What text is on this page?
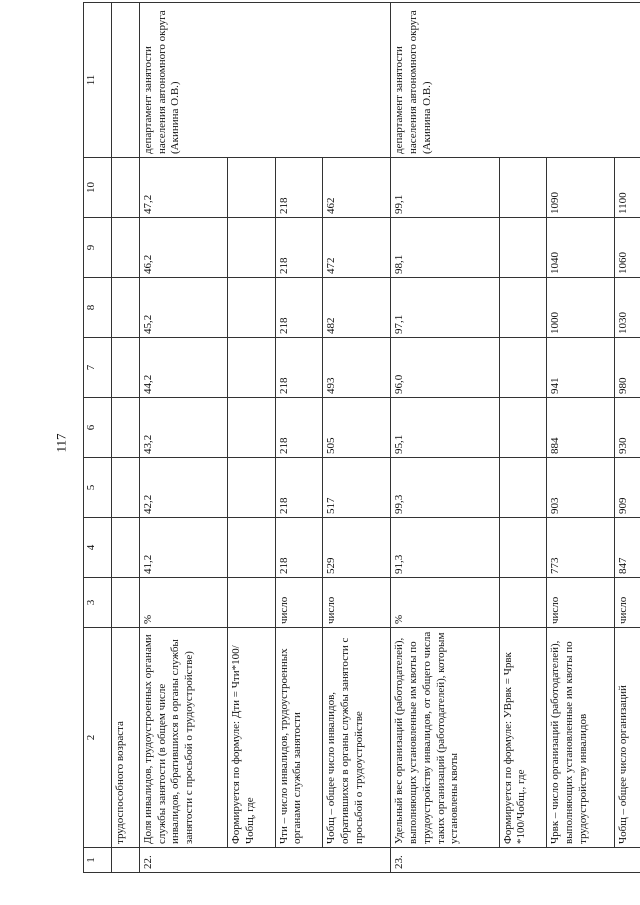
117
1	2	3	4	5	6	7	8	9	10	11
	трудоспособного возраста									
22.	Доля инвалидов, трудоустроенных органами службы занятости (в общем числе инвалидов, обратившихся в органы службы занятости с просьбой о трудоустройстве)	%	41,2	42,2	43,2	44,2	45,2	46,2	47,2	департамент занятости населения автономного округа (Акинина О.В.)
	Формируется по формуле: Дти = Чти*100/Чобщ, где									
	Чти – число инвалидов, трудоустроенных органами службы занятости	число	218	218	218	218	218	218	218	
	Чобщ – общее число инвалидов, обратившихся в органы службы занятости с просьбой о трудоустройстве	число	529	517	505	493	482	472	462	
23.	Удельный вес организаций (работодателей), выполняющих установленные им квоты по трудоустройству инвалидов, от общего числа таких организаций (работодателей), которым установлены квоты	%	91,3	99,3	95,1	96,0	97,1	98,1	99,1	департамент занятости населения автономного округа (Акинина О.В.)
	Формируется по формуле: УВрвк = Чрвк *100/Чобщ., где									
	Чрвк – число организаций (работодателей), выполняющих установленные им квоты по трудоустройству инвалидов	число	773	903	884	941	1000	1040	1090	
	Чобщ – общее число организаций	число	847	909	930	980	1030	1060	1100	
